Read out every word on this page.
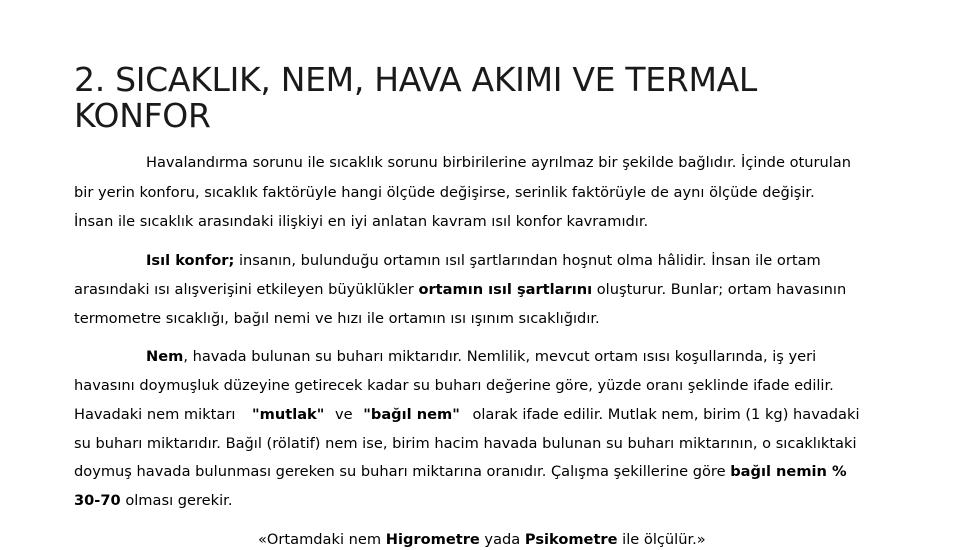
2. SICAKLIK, NEM, HAVA AKIMI VE TERMAL
KONFOR
Havalandırma sorunu ile sıcaklık sorunu birbirilerine ayrılmaz bir şekilde bağlıdır. İçinde oturulan
bir yerin konforu, sıcaklık faktörüyle hangi ölçüde değişirse, serinlik faktörüyle de aynı ölçüde değişir.
İnsan ile sıcaklık arasındaki ilişkiyi en iyi anlatan kavram ısıl konfor kavramıdır.
Isıl konfor; insanın, bulunduğu ortamın ısıl şartlarından hoşnut olma hâlidir. İnsan ile ortam
arasındaki ısı alışverişini etkileyen büyüklükler ortamın ısıl şartlarını oluşturur. Bunlar; ortam havasının
termometre sıcaklığı, bağıl nemi ve hızı ile ortamın ısı ışınım sıcaklığıdır.
Nem, havada bulunan su buharı miktarıdır. Nemlilik, mevcut ortam ısısı koşullarında, iş yeri
havasını doymuşluk düzeyine getirecek kadar su buharı değerine göre, yüzde oranı şeklinde ifade edilir.
Havadaki nem miktarı "mutlak" ve "bağıl nem" olarak ifade edilir. Mutlak nem, birim (1 kg) havadaki
su buharı miktarıdır. Bağıl (rölatif) nem ise, birim hacim havada bulunan su buharı miktarının, o sıcaklıktaki
doymuş havada bulunması gereken su buharı miktarına oranıdır. Çalışma şekillerine göre bağıl nemin %
30-70 olması gerekir.
«Ortamdaki nem Higrometre yada Psikometre ile ölçülür.»
